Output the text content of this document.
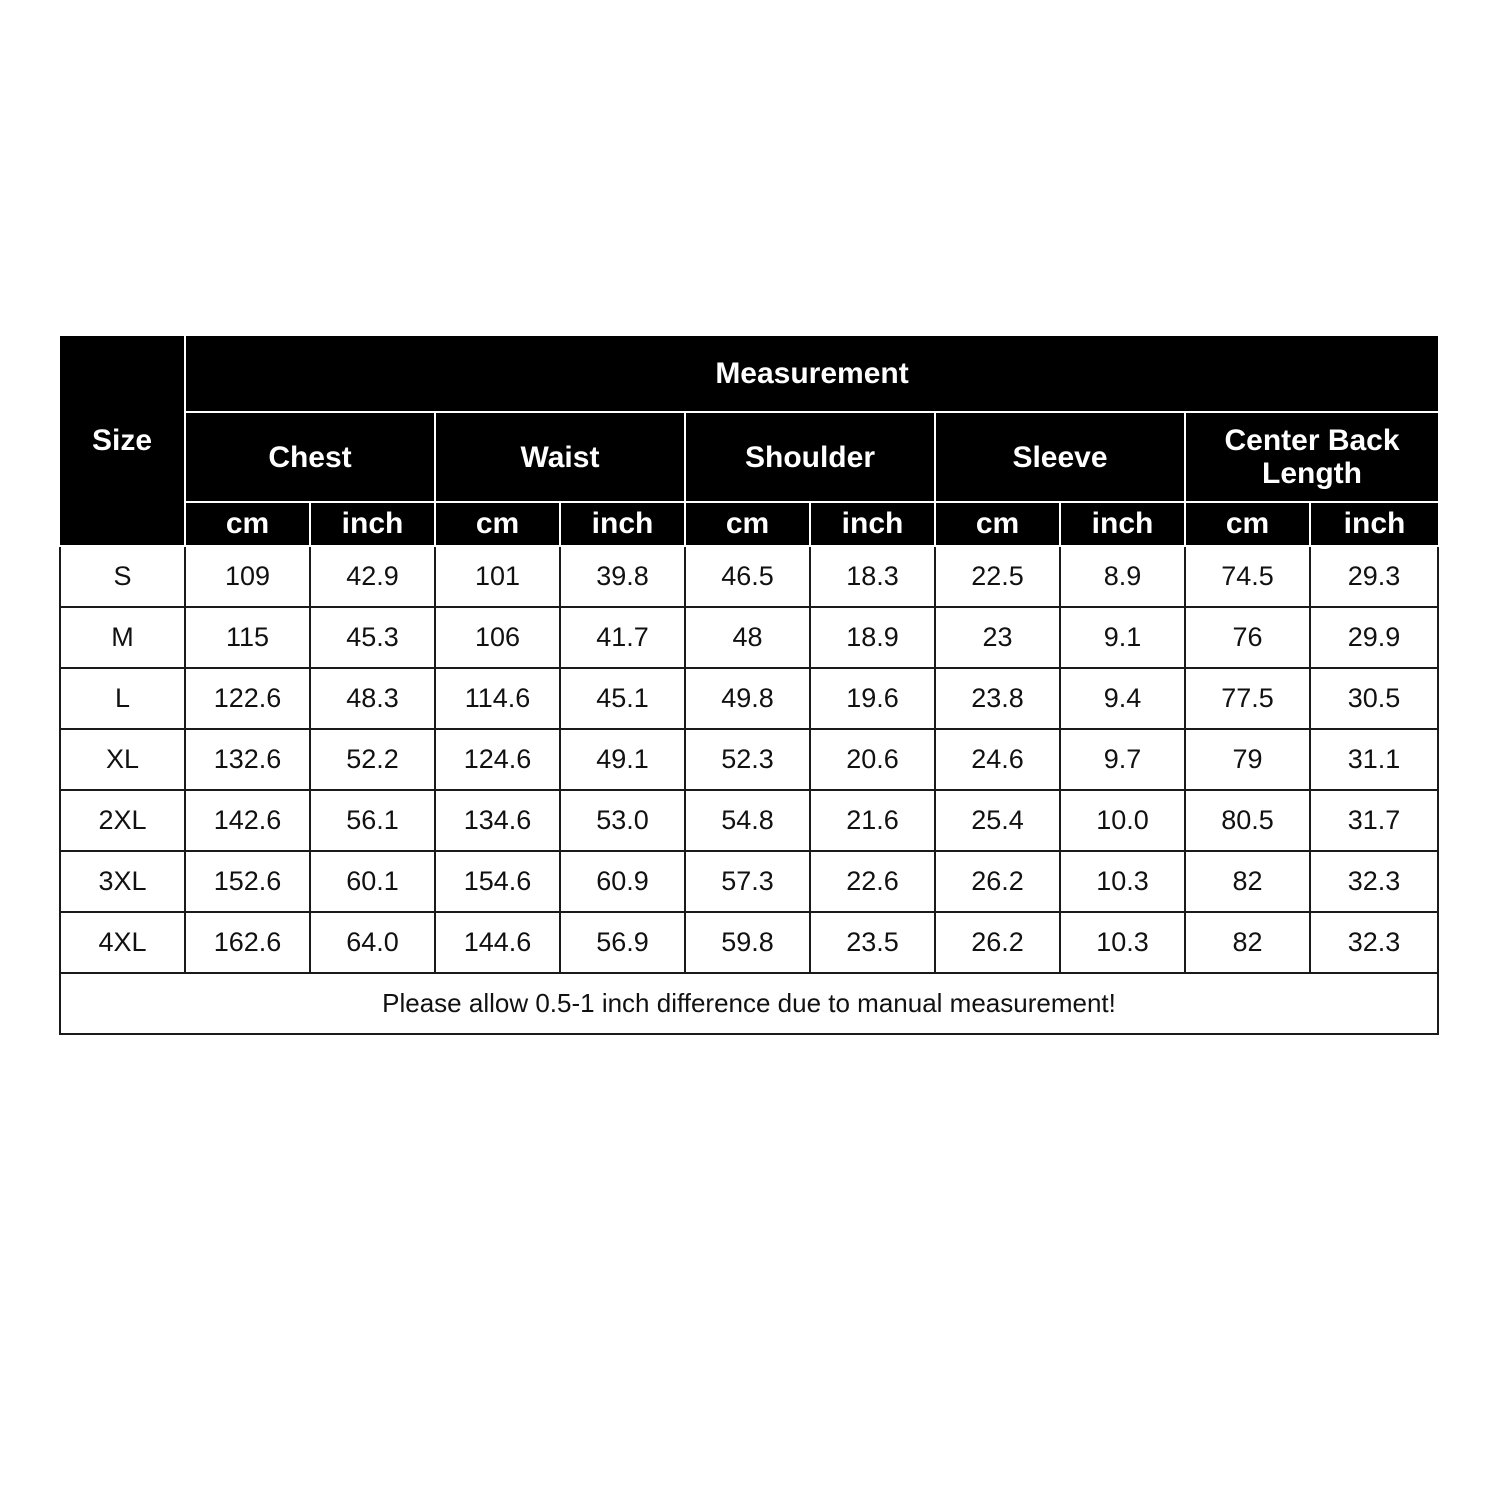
Size	Measurement									
	Chest		Waist		Shoulder		Sleeve		Center Back Length	
	cm	inch	cm	inch	cm	inch	cm	inch	cm	inch
S	109	42.9	101	39.8	46.5	18.3	22.5	8.9	74.5	29.3
M	115	45.3	106	41.7	48	18.9	23	9.1	76	29.9
L	122.6	48.3	114.6	45.1	49.8	19.6	23.8	9.4	77.5	30.5
XL	132.6	52.2	124.6	49.1	52.3	20.6	24.6	9.7	79	31.1
2XL	142.6	56.1	134.6	53.0	54.8	21.6	25.4	10.0	80.5	31.7
3XL	152.6	60.1	154.6	60.9	57.3	22.6	26.2	10.3	82	32.3
4XL	162.6	64.0	144.6	56.9	59.8	23.5	26.2	10.3	82	32.3
Please allow 0.5-1 inch difference due to manual measurement!										
